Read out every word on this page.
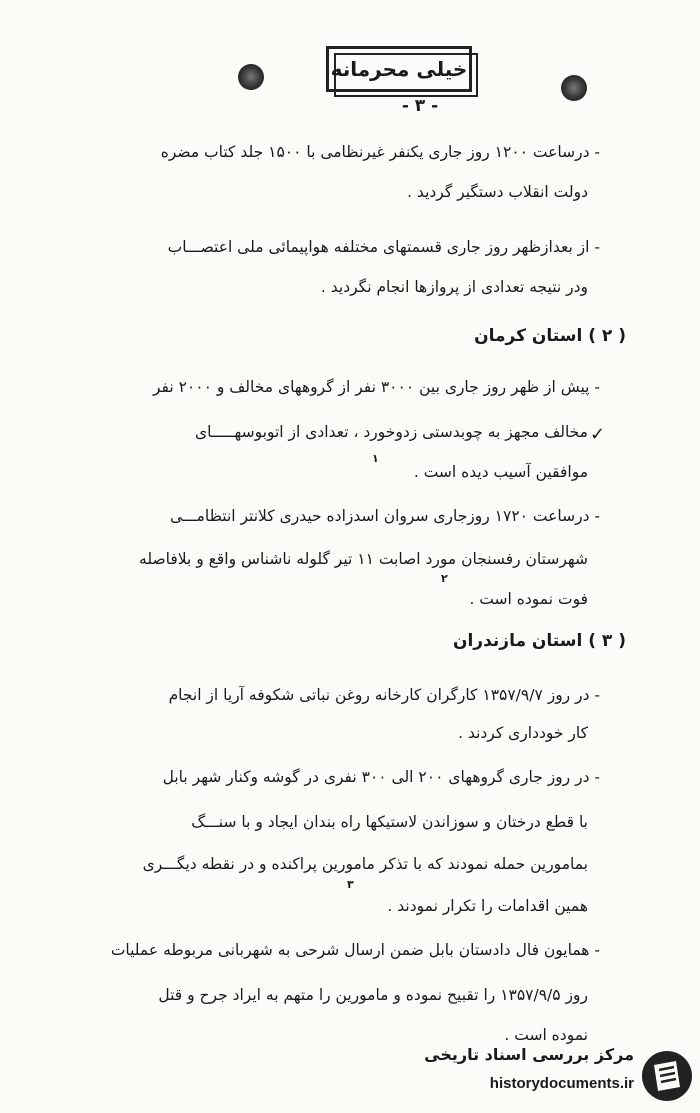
خیلی محرمانه
- ۳ -
- درساعت ۱۲۰۰ روز جاری یکنفر غیرنظامی با ۱۵۰۰ جلد کتاب مضره
دولت انقلاب دستگیر گردید .
- از بعدازظهر روز جاری قسمتهای مختلفه هواپیمائی ملی اعتصـــاب
ودر نتیجه تعدادی از پروازها انجام نگردید .
( ۲ ) استان کرمان
- پیش از ظهر روز جاری بین ۳۰۰۰ نفر از گروههای مخالف و ۲۰۰۰ نفر
مخالف مجهز به چوبدستی زدوخورد ، تعدادی از اتوبوسهـــــای
موافقین آسیب دیده است .
۱
✓
- درساعت ۱۷۲۰ روزجاری سروان اسدزاده حیدری کلانتر انتظامـــی
شهرستان رفسنجان مورد اصابت ۱۱ تیر گلوله ناشناس واقع و بلافاصله
فوت نموده است .
۲
( ۳ ) استان مازندران
- در روز ۱۳۵۷/۹/۷ کارگران کارخانه روغن نباتی شکوفه آریا از انجام
کار خودداری کردند .
- در روز جاری گروههای ۲۰۰ الی ۳۰۰ نفری در گوشه وکنار شهر بابل
با قطع درختان و سوزاندن لاستیکها راه بندان ایجاد و با سنـــگ
بمامورین حمله نمودند که با تذکر مامورین پراکنده و در نقطه دیگـــری
همین اقدامات را تکرار نمودند .
۳
- همایون فال دادستان بابل ضمن ارسال شرحی به شهربانی مربوطه عملیات
روز ۱۳۵۷/۹/۵ را تقبیح نموده و مامورین را متهم به ایراد جرح و قتل
نموده است .
مرکز بررسی اسناد تاریخی
historydocuments.ir
